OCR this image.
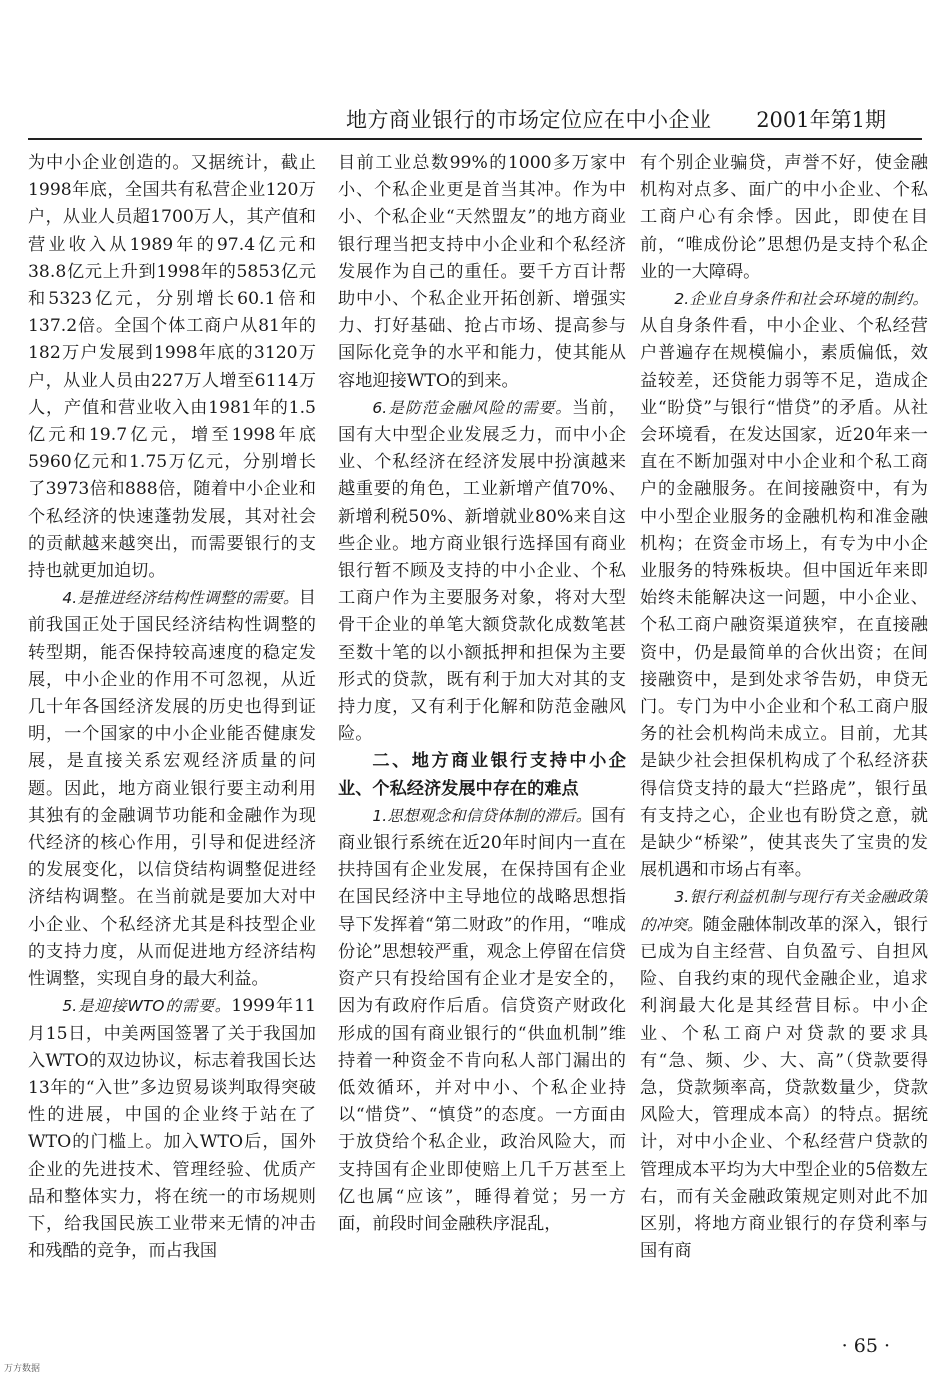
地方商业银行的市场定位应在中小企业 2001年第1期

为中小企业创造的。又据统计，截止1998年底，全国共有私营企业120万户，从业人员超1700万人，其产值和营业收入从1989年的97.4亿元和38.8亿元上升到1998年的5853亿元和5323亿元，分别增长60.1倍和137.2倍。全国个体工商户从81年的182万户发展到1998年底的3120万户，从业人员由227万人增至6114万人，产值和营业收入由1981年的1.5亿元和19.7亿元，增至1998年底5960亿元和1.75万亿元，分别增长了3973倍和888倍，随着中小企业和个私经济的快速蓬勃发展，其对社会的贡献越来越突出，而需要银行的支持也就更加迫切。

4.是推进经济结构性调整的需要。目前我国正处于国民经济结构性调整的转型期，能否保持较高速度的稳定发展，中小企业的作用不可忽视，从近几十年各国经济发展的历史也得到证明，一个国家的中小企业能否健康发展，是直接关系宏观经济质量的问题。因此，地方商业银行要主动利用其独有的金融调节功能和金融作为现代经济的核心作用，引导和促进经济的发展变化，以信贷结构调整促进经济结构调整。在当前就是要加大对中小企业、个私经济尤其是科技型企业的支持力度，从而促进地方经济结构性调整，实现自身的最大利益。

5.是迎接WTO的需要。1999年11月15日，中美两国签署了关于我国加入WTO的双边协议，标志着我国长达13年的“入世”多边贸易谈判取得突破性的进展，中国的企业终于站在了WTO的门槛上。加入WTO后，国外企业的先进技术、管理经验、优质产品和整体实力，将在统一的市场规则下，给我国民族工业带来无情的冲击和残酷的竞争，而占我国

目前工业总数99%的1000多万家中小、个私企业更是首当其冲。作为中小、个私企业“天然盟友”的地方商业银行理当把支持中小企业和个私经济发展作为自己的重任。要千方百计帮助中小、个私企业开拓创新、增强实力、打好基础、抢占市场、提高参与国际化竞争的水平和能力，使其能从容地迎接WTO的到来。

6.是防范金融风险的需要。当前，国有大中型企业发展乏力，而中小企业、个私经济在经济发展中扮演越来越重要的角色，工业新增产值70%、新增利税50%、新增就业80%来自这些企业。地方商业银行选择国有商业银行暂不顾及支持的中小企业、个私工商户作为主要服务对象，将对大型骨干企业的单笔大额贷款化成数笔甚至数十笔的以小额抵押和担保为主要形式的贷款，既有利于加大对其的支持力度，又有利于化解和防范金融风险。

二、地方商业银行支持中小企业、个私经济发展中存在的难点

1.思想观念和信贷体制的滞后。国有商业银行系统在近20年时间内一直在扶持国有企业发展，在保持国有企业在国民经济中主导地位的战略思想指导下发挥着“第二财政”的作用，“唯成份论”思想较严重，观念上停留在信贷资产只有投给国有企业才是安全的，因为有政府作后盾。信贷资产财政化形成的国有商业银行的“供血机制”维持着一种资金不肯向私人部门漏出的低效循环，并对中小、个私企业持以“惜贷”、“慎贷”的态度。一方面由于放贷给个私企业，政治风险大，而支持国有企业即使赔上几千万甚至上亿也属“应该”，睡得着觉；另一方面，前段时间金融秩序混乱，

有个别企业骗贷，声誉不好，使金融机构对点多、面广的中小企业、个私工商户心有余悸。因此，即使在目前，“唯成份论”思想仍是支持个私企业的一大障碍。

2.企业自身条件和社会环境的制约。从自身条件看，中小企业、个私经营户普遍存在规模偏小，素质偏低，效益较差，还贷能力弱等不足，造成企业“盼贷”与银行“惜贷”的矛盾。从社会环境看，在发达国家，近20年来一直在不断加强对中小企业和个私工商户的金融服务。在间接融资中，有为中小型企业服务的金融机构和准金融机构；在资金市场上，有专为中小企业服务的特殊板块。但中国近年来即始终未能解决这一问题，中小企业、个私工商户融资渠道狭窄，在直接融资中，仍是最简单的合伙出资；在间接融资中，是到处求爷告奶，申贷无门。专门为中小企业和个私工商户服务的社会机构尚未成立。目前，尤其是缺少社会担保机构成了个私经济获得信贷支持的最大“拦路虎”，银行虽有支持之心，企业也有盼贷之意，就是缺少“桥梁”，使其丧失了宝贵的发展机遇和市场占有率。

3.银行利益机制与现行有关金融政策的冲突。随金融体制改革的深入，银行已成为自主经营、自负盈亏、自担风险、自我约束的现代金融企业，追求利润最大化是其经营目标。中小企业、个私工商户对贷款的要求具有“急、频、少、大、高”（贷款要得急，贷款频率高，贷款数量少，贷款风险大，管理成本高）的特点。据统计，对中小企业、个私经营户贷款的管理成本平均为大中型企业的5倍数左右，而有关金融政策规定则对此不加区别，将地方商业银行的存贷利率与国有商

· 65 ·
万方数据
